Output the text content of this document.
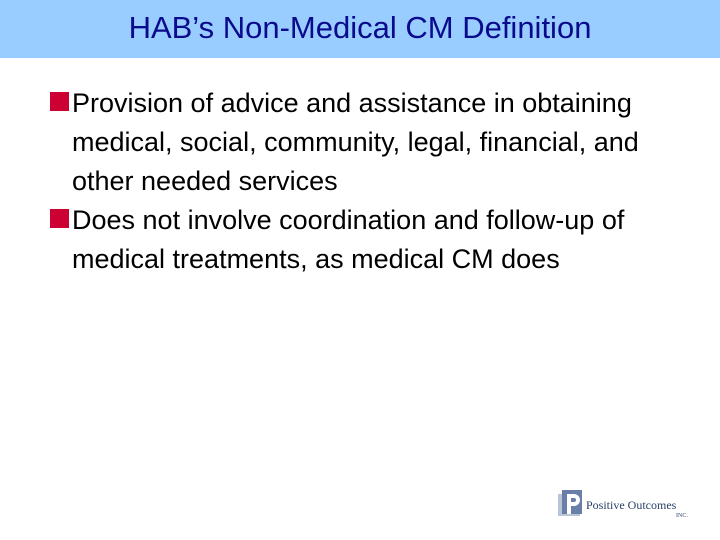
HAB’s Non-Medical CM Definition
Provision of advice and assistance in obtaining medical, social, community, legal, financial, and other needed services
Does not involve coordination and follow-up of medical treatments, as medical CM does
Positive Outcomes
INC.
